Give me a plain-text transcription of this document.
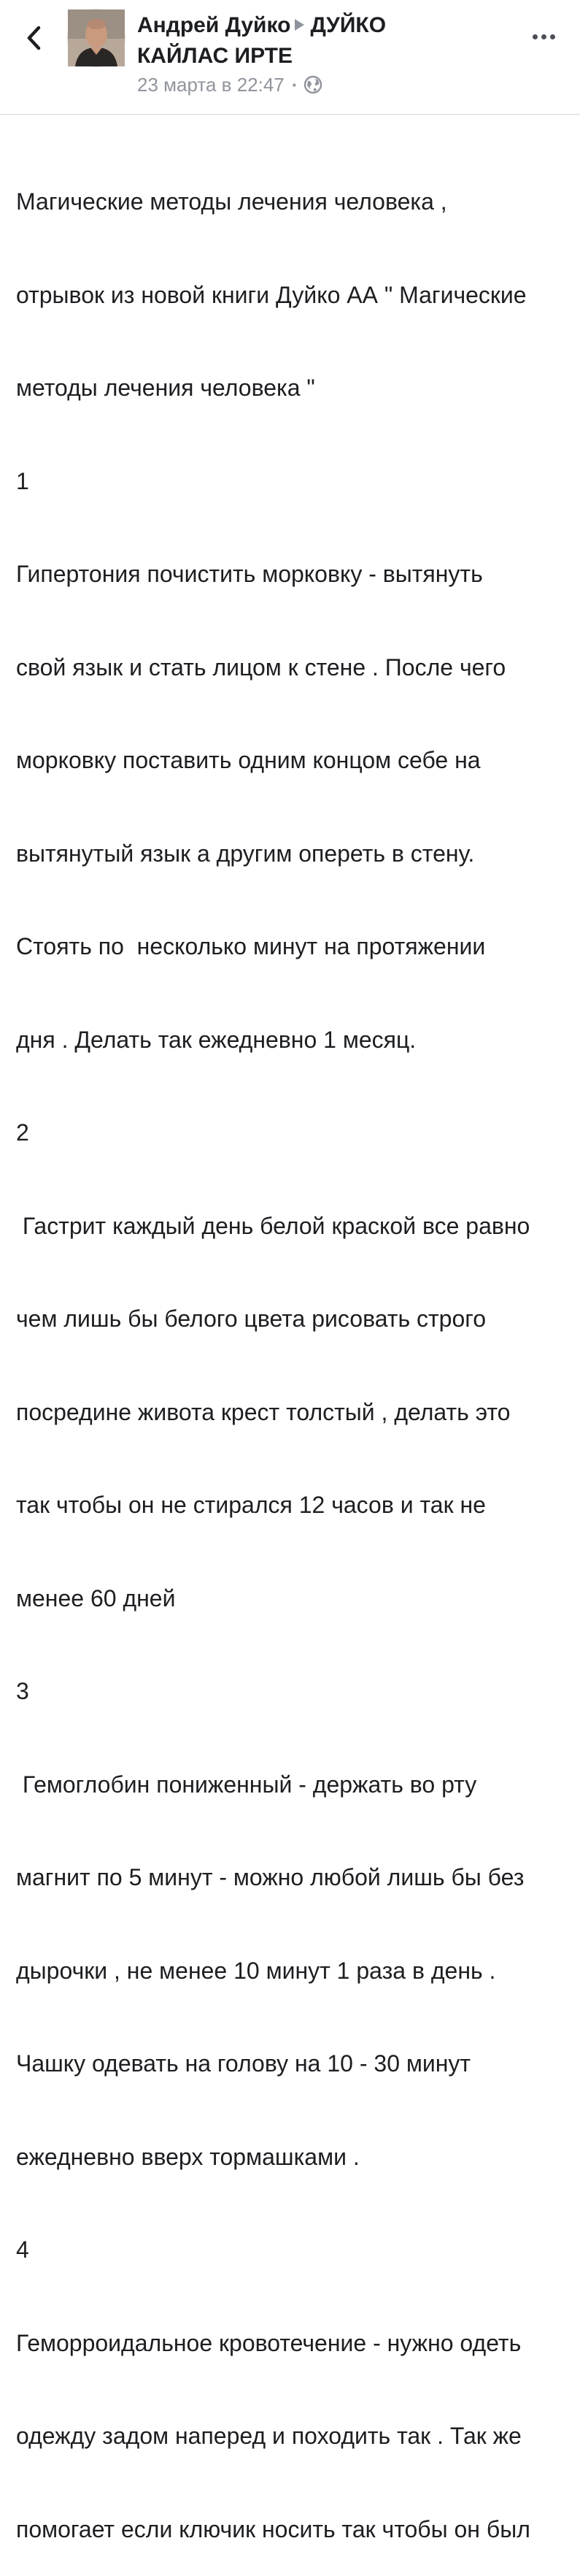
Андрей Дуйко ДУЙКО
КАЙЛАС ИРТЕ
23 марта в 22:47 ·

Магические методы лечения человека ,

отрывок из новой книги Дуйко АА " Магические

методы лечения человека "

1

Гипертония почистить морковку - вытянуть

свой язык и стать лицом к стене . После чего

морковку поставить одним концом себе на

вытянутый язык а другим опереть в стену.

Стоять по  несколько минут на протяжении

дня . Делать так ежедневно 1 месяц.

2

Гастрит каждый день белой краской все равно

чем лишь бы белого цвета рисовать строго

посредине живота крест толстый , делать это

так чтобы он не стирался 12 часов и так не

менее 60 дней

3

Гемоглобин пониженный - держать во рту

магнит по 5 минут - можно любой лишь бы без

дырочки , не менее 10 минут 1 раза в день .

Чашку одевать на голову на 10 - 30 минут

ежедневно вверх тормашками .

4

Геморроидальное кровотечение - нужно одеть

одежду задом наперед и походить так . Так же

помогает если ключик носить так чтобы он был
